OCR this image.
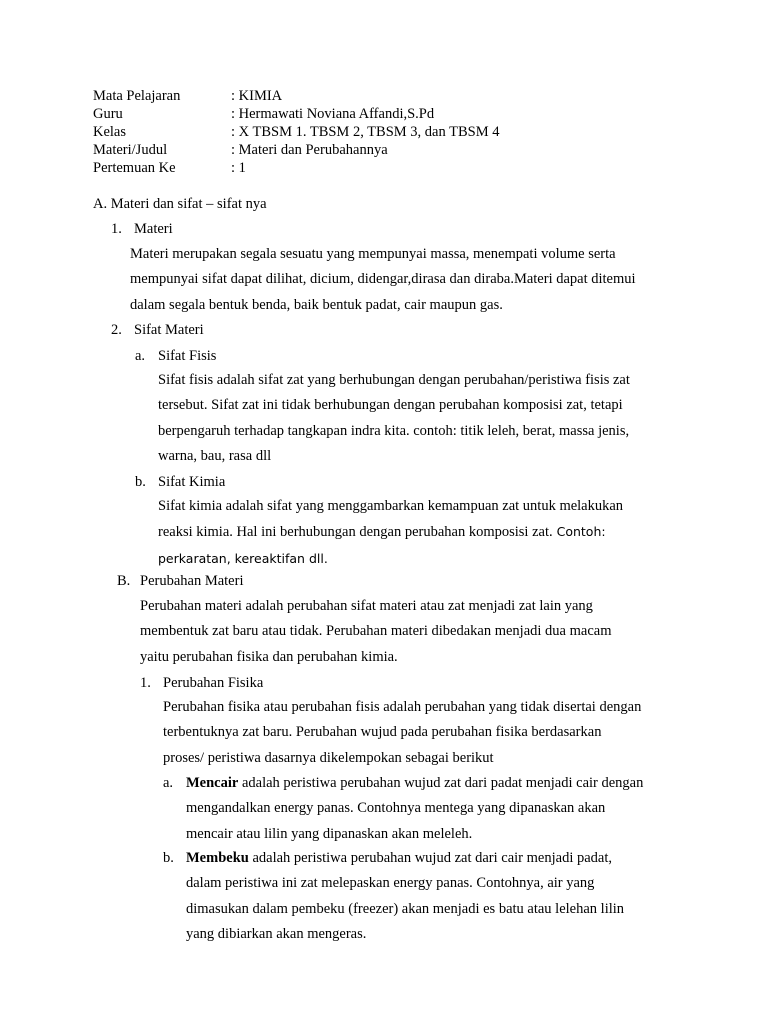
Mata Pelajaran	: KIMIA
Guru	: Hermawati Noviana Affandi,S.Pd
Kelas	: X TBSM 1. TBSM 2, TBSM 3, dan TBSM 4
Materi/Judul	: Materi dan Perubahannya
Pertemuan Ke	: 1
A. Materi dan sifat – sifat nya
1. Materi
Materi merupakan segala sesuatu yang mempunyai massa, menempati volume serta
mempunyai sifat dapat dilihat, dicium, didengar,dirasa dan diraba.Materi dapat ditemui
dalam segala bentuk benda, baik bentuk padat, cair maupun gas.
2. Sifat Materi
a. Sifat Fisis
Sifat fisis adalah sifat zat yang berhubungan dengan perubahan/peristiwa fisis zat
tersebut. Sifat zat ini tidak berhubungan dengan perubahan komposisi zat, tetapi
berpengaruh terhadap tangkapan indra kita. contoh: titik leleh, berat, massa jenis,
warna, bau, rasa dll
b. Sifat Kimia
Sifat kimia adalah sifat yang menggambarkan kemampuan zat untuk melakukan
reaksi kimia. Hal ini berhubungan dengan perubahan komposisi zat. Contoh:
perkaratan, kereaktifan dll.
B. Perubahan Materi
Perubahan materi adalah perubahan sifat materi atau zat menjadi zat lain yang
membentuk zat baru atau tidak. Perubahan materi dibedakan menjadi dua macam
yaitu perubahan fisika dan perubahan kimia.
1. Perubahan Fisika
Perubahan fisika atau perubahan fisis adalah perubahan yang tidak disertai dengan
terbentuknya zat baru. Perubahan wujud pada perubahan fisika berdasarkan
proses/ peristiwa dasarnya dikelempokan sebagai berikut
a. Mencair adalah peristiwa perubahan wujud zat dari padat menjadi cair dengan
mengandalkan energy panas. Contohnya mentega yang dipanaskan akan
mencair atau lilin yang dipanaskan akan meleleh.
b. Membeku adalah peristiwa perubahan wujud zat dari cair menjadi padat,
dalam peristiwa ini zat melepaskan energy panas. Contohnya, air yang
dimasukan dalam pembeku (freezer) akan menjadi es batu atau lelehan lilin
yang dibiarkan akan mengeras.
